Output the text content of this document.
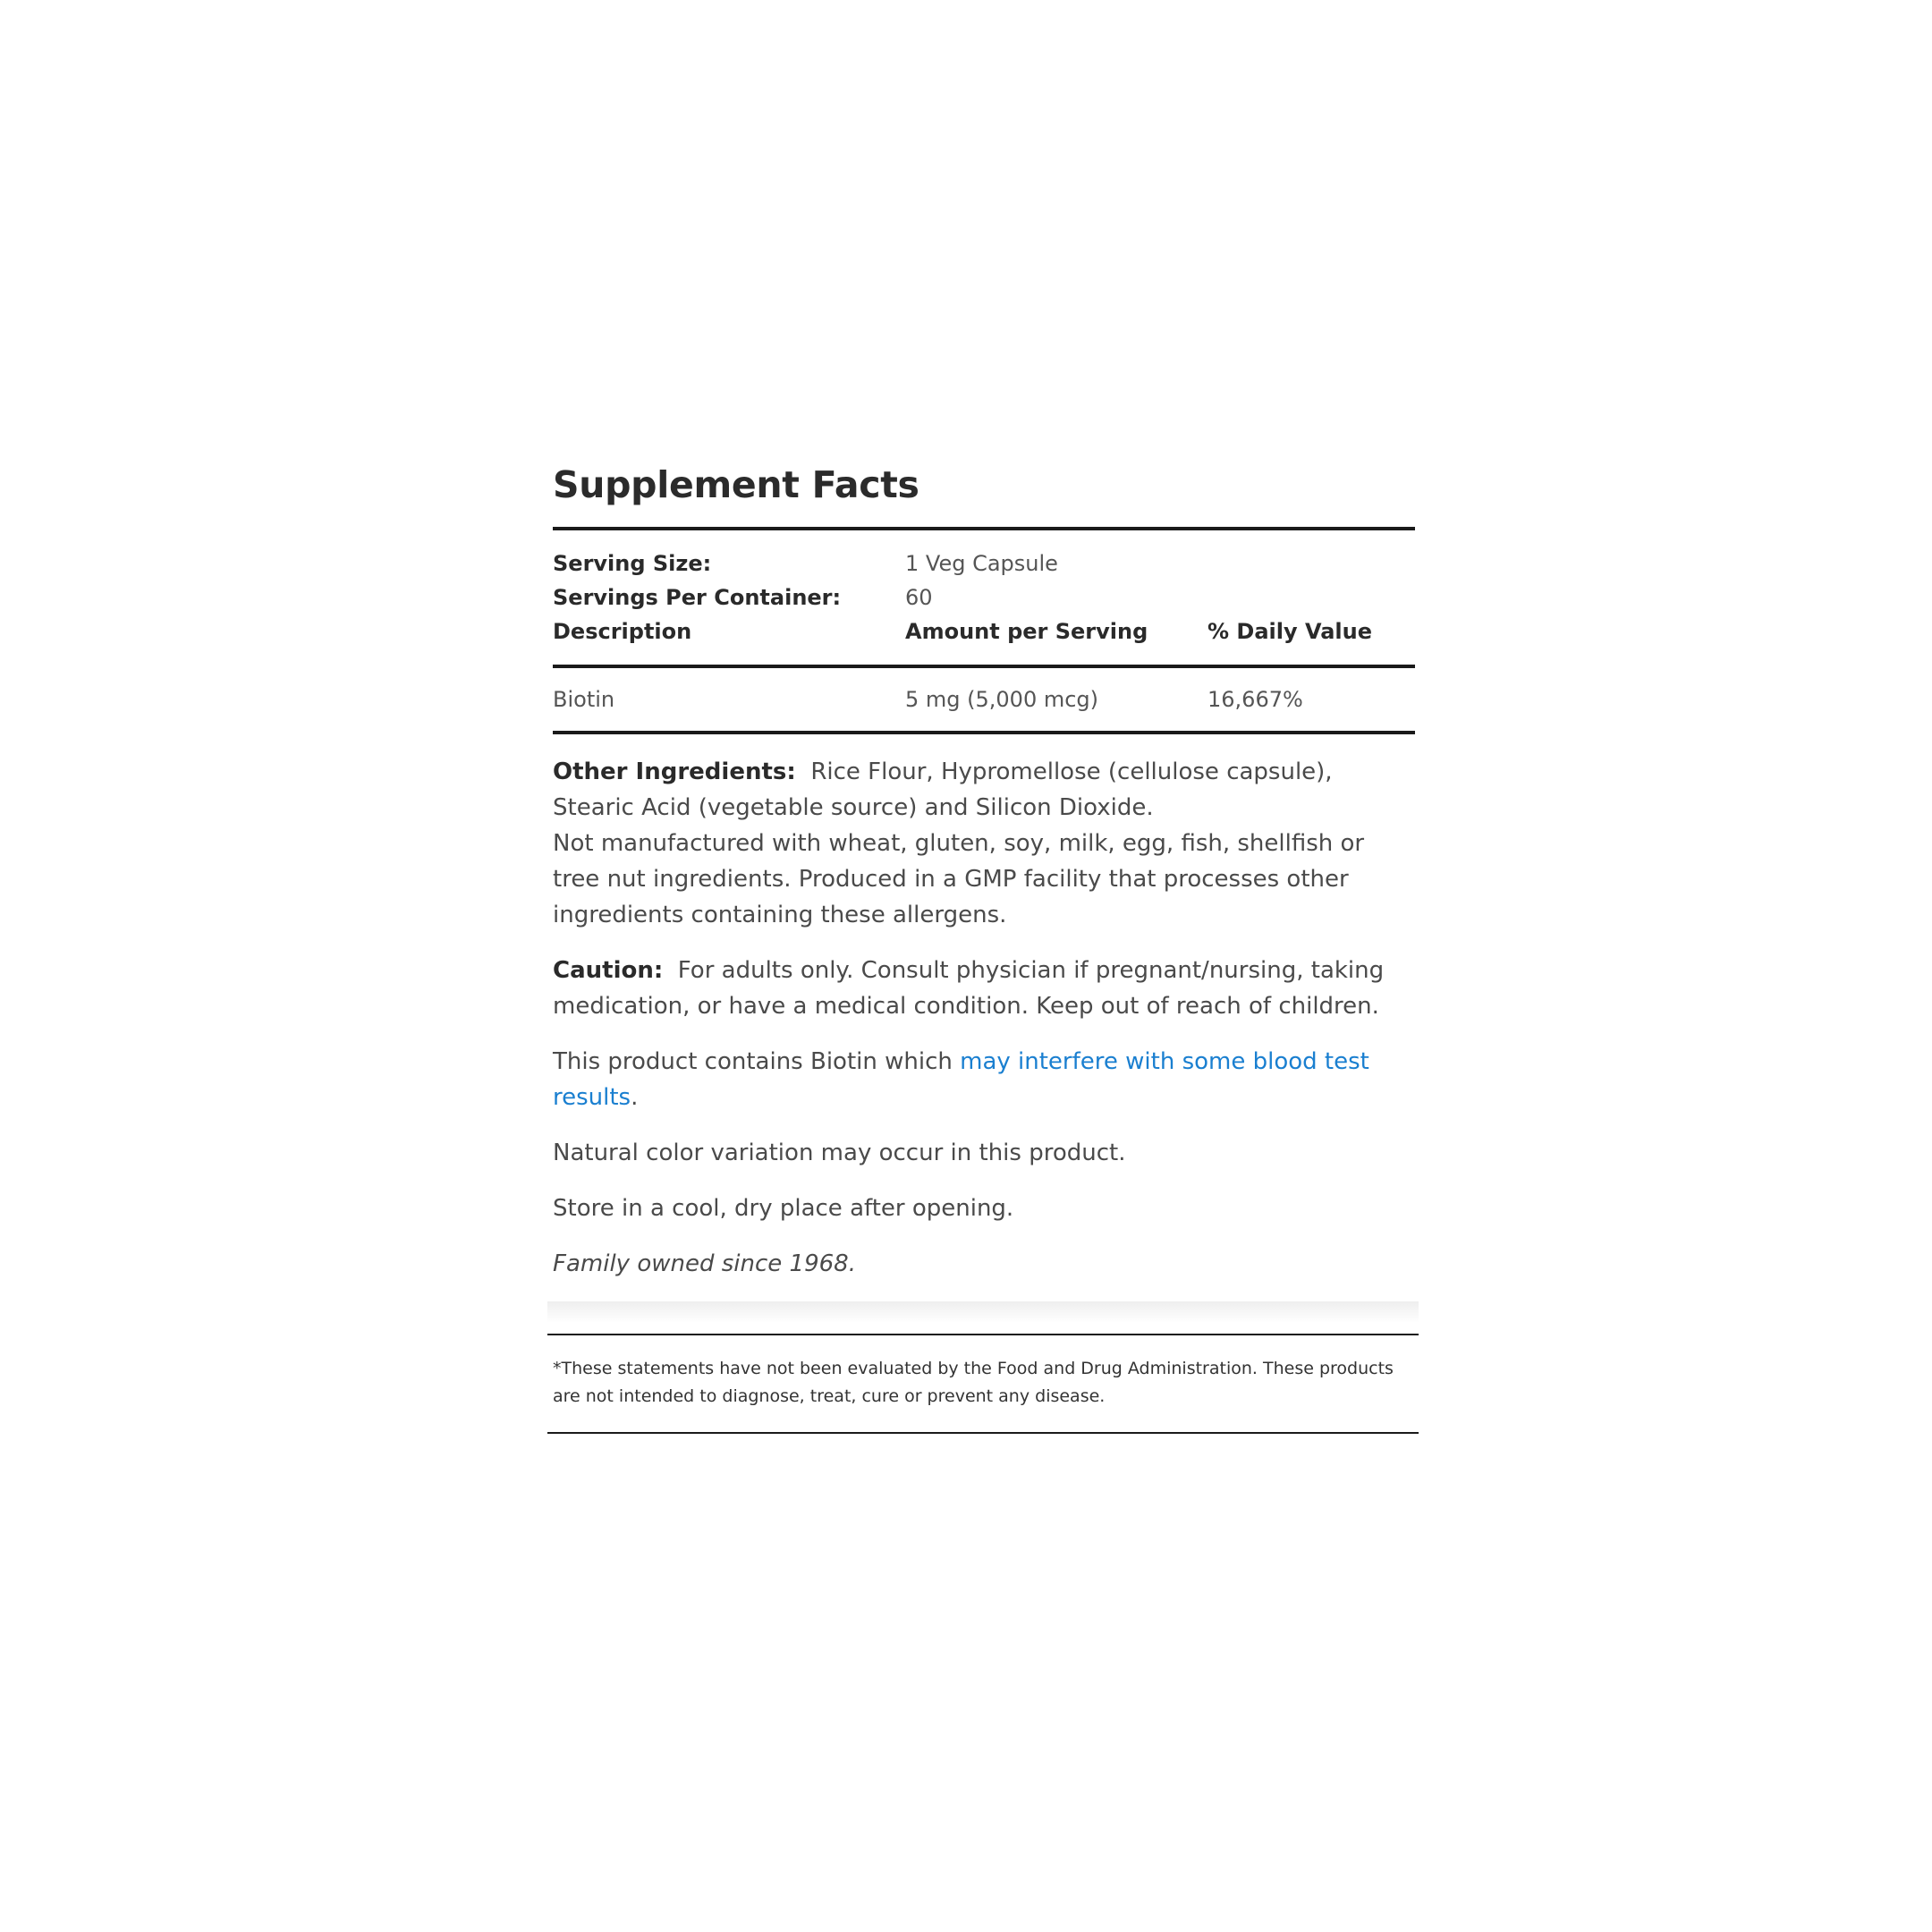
Supplement Facts
Serving Size:	1 Veg Capsule
Servings Per Container:	60
Description	Amount per Serving	% Daily Value
Biotin	5 mg (5,000 mcg)	16,667%

Other Ingredients: Rice Flour, Hypromellose (cellulose capsule), Stearic Acid (vegetable source) and Silicon Dioxide.
Not manufactured with wheat, gluten, soy, milk, egg, fish, shellfish or tree nut ingredients. Produced in a GMP facility that processes other ingredients containing these allergens.

Caution: For adults only. Consult physician if pregnant/nursing, taking medication, or have a medical condition. Keep out of reach of children.

This product contains Biotin which may interfere with some blood test results.

Natural color variation may occur in this product.

Store in a cool, dry place after opening.

Family owned since 1968.

*These statements have not been evaluated by the Food and Drug Administration. These products are not intended to diagnose, treat, cure or prevent any disease.
